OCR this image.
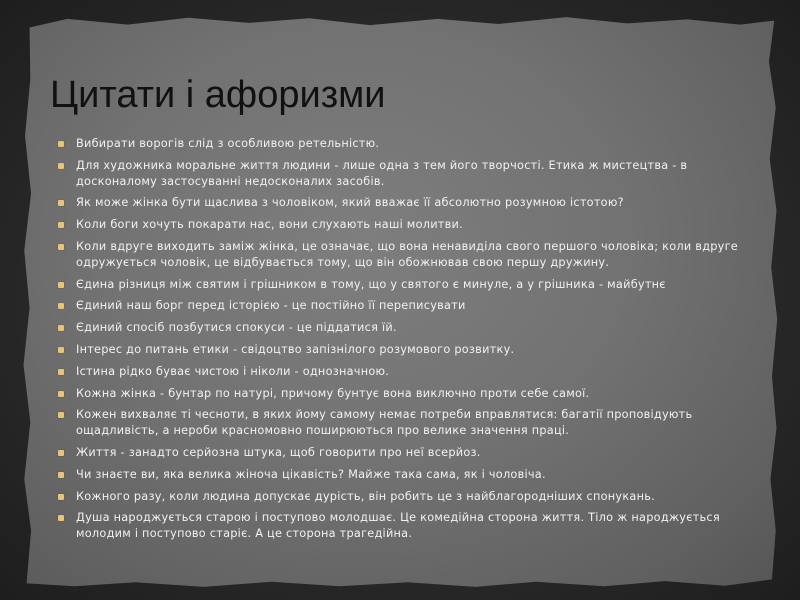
Цитати і афоризми
Вибирати ворогів слід з особливою ретельністю.
Для художника моральне життя людини - лише одна з тем його творчості. Етика ж мистецтва - в досконалому застосуванні недосконалих засобів.
Як може жінка бути щаслива з чоловіком, який вважає її абсолютно розумною істотою?
Коли боги хочуть покарати нас, вони слухають наші молитви.
Коли вдруге виходить заміж жінка, це означає, що вона ненавиділа свого першого чоловіка; коли вдруге одружується чоловік, це відбувається тому, що він обожнював свою першу дружину.
Єдина різниця між святим і грішником в тому, що у святого є минуле, а у грішника - майбутнє
Єдиний наш борг перед історією - це постійно її переписувати
Єдиний спосіб позбутися спокуси - це піддатися їй.
Інтерес до питань етики - свідоцтво запізнілого розумового розвитку.
Істина рідко буває чистою і ніколи - однозначною.
Кожна жінка - бунтар по натурі, причому бунтує вона виключно проти себе самої.
Кожен вихваляє ті чесноти, в яких йому самому немає потреби вправлятися: багатії проповідують ощадливість, а нероби красномовно поширюються про велике значення праці.
Життя - занадто серйозна штука, щоб говорити про неї всерйоз.
Чи знаєте ви, яка велика жіноча цікавість? Майже така сама, як і чоловіча.
Кожного разу, коли людина допускає дурість, він робить це з найблагородніших спонукань.
Душа народжується старою і поступово молодшає. Це комедійна сторона життя. Тіло ж народжується молодим і поступово старіє. А це сторона трагедійна.
